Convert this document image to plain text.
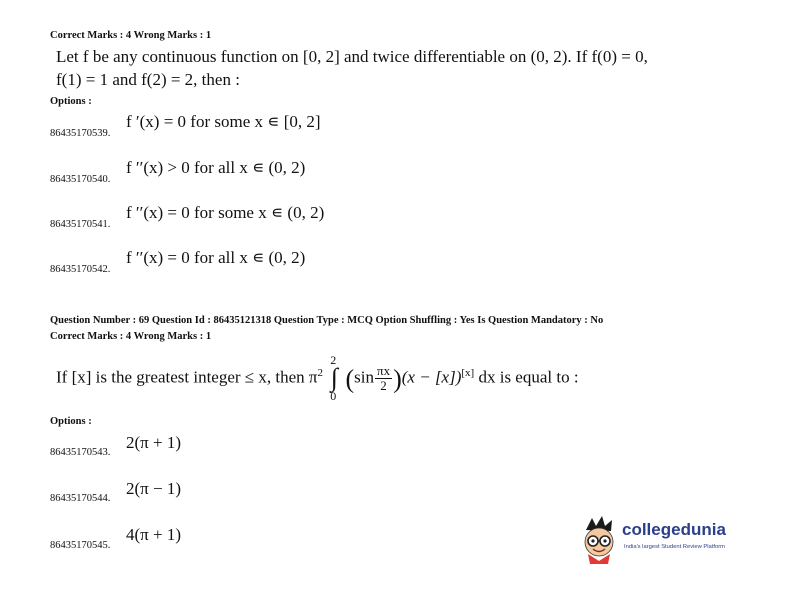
Correct Marks : 4 Wrong Marks : 1
Let f be any continuous function on [0, 2] and twice differentiable on (0, 2). If f(0) = 0,
f(1) = 1 and f(2) = 2, then :
Options :
86435170539.
f ′(x) = 0 for some x ∊ [0, 2]
86435170540.
f ′′(x) > 0 for all x ∊ (0, 2)
86435170541.
f ′′(x) = 0 for some x ∊ (0, 2)
86435170542.
f ′′(x) = 0 for all x ∊ (0, 2)
Question Number : 69 Question Id : 86435121318 Question Type : MCQ Option Shuffling : Yes Is Question Mandatory : No
Correct Marks : 4 Wrong Marks : 1
If [x] is the greatest integer ≤ x, then $\pi^2$
2
∫
0
$(\sin \frac{\pi x}{2} )(x - [x])[x]$ dx is equal to :
Options :
86435170543.
2(π + 1)
86435170544.
2(π − 1)
86435170545.
4(π + 1)	collegedunia
India's largest Student Review Platform
